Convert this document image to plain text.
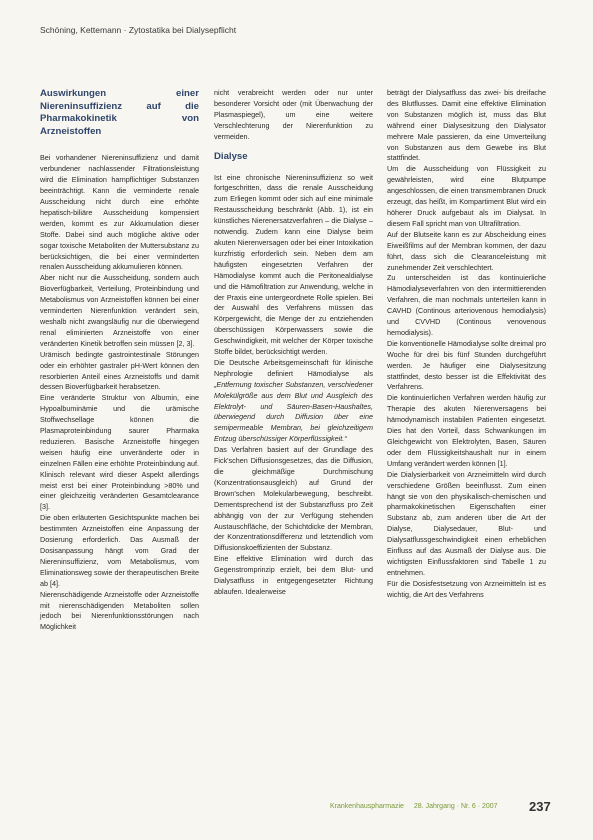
Schöning, Kettemann · Zytostatika bei Dialysepflicht
Auswirkungen einer Niereninsuffizienz auf die Pharmakokinetik von Arzneistoffen

Bei vorhandener Niereninsuffizienz und damit verbundener nachlassender Filtrationsleistung wird die Elimination harnpflichtiger Substanzen beeinträchtigt. Kann die verminderte renale Ausscheidung nicht durch eine erhöhte hepatisch-biliäre Ausscheidung kompensiert werden, kommt es zur Akkumulation dieser Stoffe. Dabei sind auch mögliche aktive oder sogar toxische Metaboliten der Muttersubstanz zu berücksichtigen, die bei einer verminderten renalen Ausscheidung akkumulieren können.

Aber nicht nur die Ausscheidung, sondern auch Bioverfügbarkeit, Verteilung, Proteinbindung und Metabolismus von Arzneistoffen können bei einer verminderten Nierenfunktion verändert sein, weshalb nicht zwangsläufig nur die überwiegend renal eliminierten Arzneistoffe von einer veränderten Kinetik betroffen sein müssen [2, 3].

Urämisch bedingte gastrointestinale Störungen oder ein erhöhter gastraler pH-Wert können den resorbierten Anteil eines Arzneistoffs und damit dessen Bioverfügbarkeit herabsetzen.

Eine veränderte Struktur von Albumin, eine Hypoalbuminämie und die urämische Stoffwechsellage können die Plasmaproteinbindung saurer Pharmaka reduzieren. Basische Arzneistoffe hingegen weisen häufig eine unveränderte oder in einzelnen Fällen eine erhöhte Proteinbindung auf. Klinisch relevant wird dieser Aspekt allerdings meist erst bei einer Proteinbindung >80% und einer gleichzeitig veränderten Gesamtclearance [3].

Die oben erläuterten Gesichtspunkte machen bei bestimmten Arzneistoffen eine Anpassung der Dosierung erforderlich. Das Ausmaß der Dosisanpassung hängt vom Grad der Niereninsuffizienz, vom Metabolismus, vom Eliminationsweg sowie der therapeutischen Breite ab [4].

Nierenschädigende Arzneistoffe oder Arzneistoffe mit nierenschädigenden Metaboliten sollen jedoch bei Nierenfunktionsstörungen nach Möglichkeit

nicht verabreicht werden oder nur unter besonderer Vorsicht oder (mit Überwachung der Plasmaspiegel), um eine weitere Verschlechterung der Nierenfunktion zu vermeiden.

Dialyse

Ist eine chronische Niereninsuffizienz so weit fortgeschritten, dass die renale Ausscheidung zum Erliegen kommt oder sich auf eine minimale Restausscheidung beschränkt (Abb. 1), ist ein künstliches Nierenersatzverfahren – die Dialyse – notwendig. Zudem kann eine Dialyse beim akuten Nierenversagen oder bei einer Intoxikation kurzfristig erforderlich sein. Neben dem am häufigsten eingesetzten Verfahren der Hämodialyse kommt auch die Peritonealdialyse und die Hämofiltration zur Anwendung, welche in der Praxis eine untergeordnete Rolle spielen. Bei der Auswahl des Verfahrens müssen das Körpergewicht, die Menge der zu entziehenden überschüssigen Körperwassers sowie die Geschwindigkeit, mit welcher der Körper toxische Stoffe bildet, berücksichtigt werden.

Die Deutsche Arbeitsgemeinschaft für klinische Nephrologie definiert Hämodialyse als „Entfernung toxischer Substanzen, verschiedener Molekülgröße aus dem Blut und Ausgleich des Elektrolyt- und Säuren-Basen-Haushaltes, überwiegend durch Diffusion über eine semipermeable Membran, bei gleichzeitigem Entzug überschüssiger Körperflüssigkeit.“

Das Verfahren basiert auf der Grundlage des Fick'schen Diffusionsgesetzes, das die Diffusion, die gleichmäßige Durchmischung (Konzentrationsausgleich) auf Grund der Brown'schen Molekularbewegung, beschreibt. Dementsprechend ist der Substanzfluss pro Zeit abhängig von der zur Verfügung stehenden Austauschfläche, der Schichtdicke der Membran, der Konzentrationsdifferenz und letztendlich vom Diffusionskoeffizienten der Substanz.

Eine effektive Elimination wird durch das Gegenstromprinzip erzielt, bei dem Blut- und Dialysatfluss in entgegengesetzter Richtung ablaufen. Idealerweise

beträgt der Dialysatfluss das zwei- bis dreifache des Blutflusses. Damit eine effektive Elimination von Substanzen möglich ist, muss das Blut während einer Dialysesitzung den Dialysator mehrere Male passieren, da eine Umverteilung von Substanzen aus dem Gewebe ins Blut stattfindet.

Um die Ausscheidung von Flüssigkeit zu gewährleisten, wird eine Blutpumpe angeschlossen, die einen transmembranen Druck erzeugt, das heißt, im Kompartiment Blut wird ein höherer Druck aufgebaut als im Dialysat. In diesem Fall spricht man von Ultrafiltration.

Auf der Blutseite kann es zur Abscheidung eines Eiweißfilms auf der Membran kommen, der dazu führt, dass sich die Clearanceleistung mit zunehmender Zeit verschlechtert.

Zu unterscheiden ist das kontinuierliche Hämodialyseverfahren von den intermittierenden Verfahren, die man nochmals unterteilen kann in CAVHD (Continous arteriovenous hemodialysis) und CVVHD (Continous venovenous hemodialysis).

Die konventionelle Hämodialyse sollte dreimal pro Woche für drei bis fünf Stunden durchgeführt werden. Je häufiger eine Dialysesitzung stattfindet, desto besser ist die Effektivität des Verfahrens.

Die kontinuierlichen Verfahren werden häufig zur Therapie des akuten Nierenversagens bei hämodynamisch instabilen Patienten eingesetzt. Dies hat den Vorteil, dass Schwankungen im Gleichgewicht von Elektrolyten, Basen, Säuren oder dem Flüssigkeitshaushalt nur in einem Umfang verändert werden können [1].

Die Dialysierbarkeit von Arzneimitteln wird durch verschiedene Größen beeinflusst. Zum einen hängt sie von den physikalisch-chemischen und pharmakokinetischen Eigenschaften einer Substanz ab, zum anderen über die Art der Dialyse, Dialysedauer, Blut- und Dialysatflussgeschwindigkeit einen erheblichen Einfluss auf das Ausmaß der Dialyse aus. Die wichtigsten Einflussfaktoren sind Tabelle 1 zu entnehmen.

Für die Dosisfestsetzung von Arzneimitteln ist es wichtig, die Art des Verfahrens

Krankenhauspharmazie 28. Jahrgang · Nr. 6 · 2007 237
